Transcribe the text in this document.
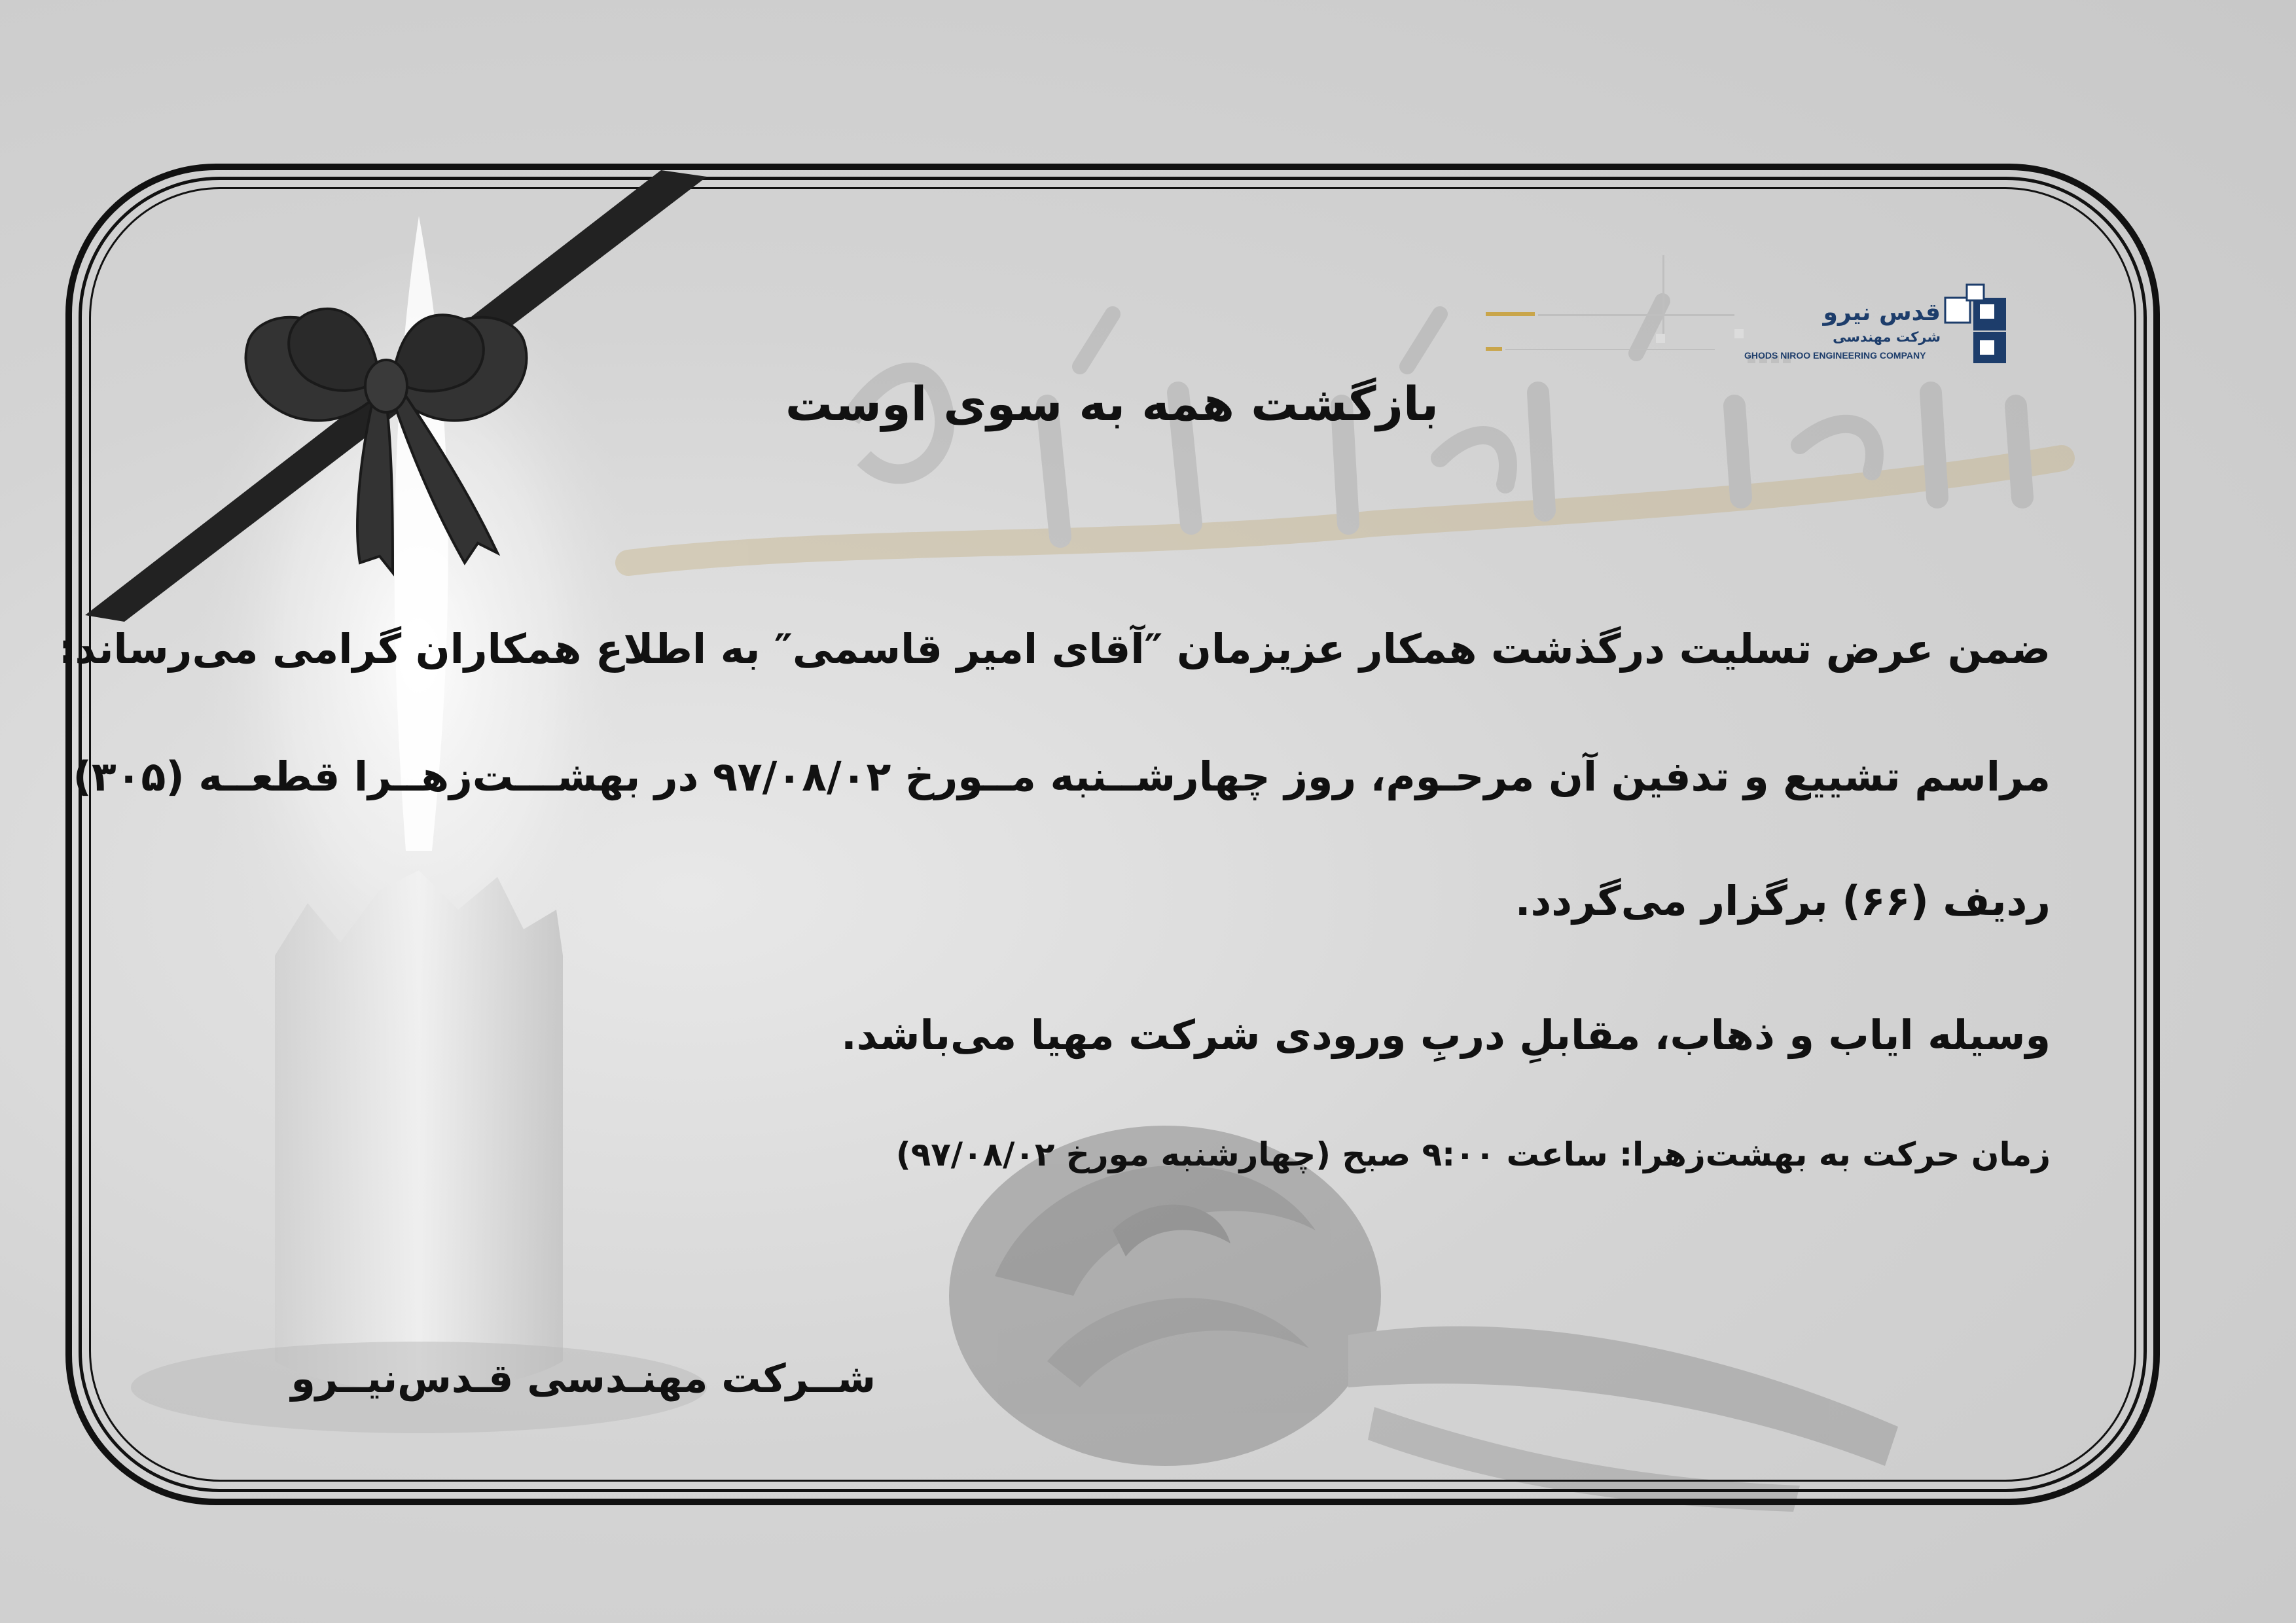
قدس نیرو
شرکت مهندسی
GHODS NIROO ENGINEERING COMPANY
بازگشت همه به سوی اوست
ضمن عرض تسلیت درگذشت همکار عزیزمان ″آقای امیر قاسمی″ به اطلاع همکاران گرامی می‌رساند:
مراسم تشییع و تدفین آن مرحـوم، روز چهارشــنبه مــورخ ۹۷/۰۸/۰۲ در بهشـــت‌زهــرا قطعــه (۳۰۵)
ردیف (۶۶) برگزار می‌گردد.
وسیله ایاب و ذهاب، مقابلِ دربِ ورودی شرکت مهیا می‌باشد.
زمان حرکت به بهشت‌زهرا: ساعت ۹:۰۰ صبح (چهارشنبه مورخ ۹۷/۰۸/۰۲)
شــرکت مهنـدسی قـدس‌نیــرو
